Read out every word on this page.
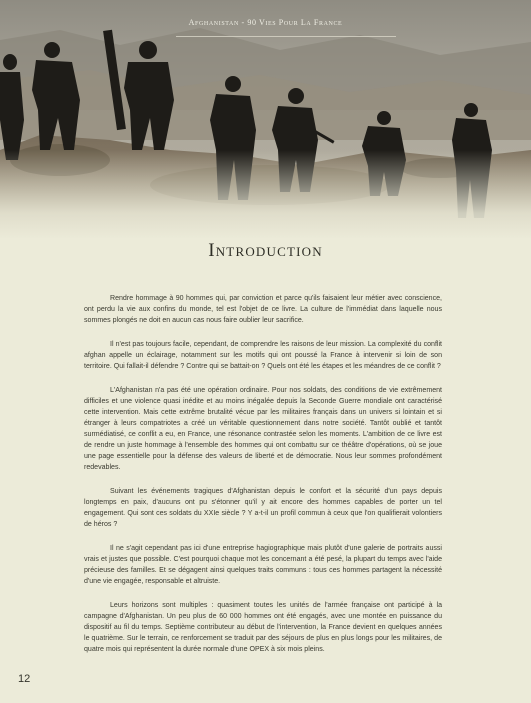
Afghanistan - 90 Vies Pour La France
Introduction

Rendre hommage à 90 hommes qui, par conviction et parce qu'ils faisaient leur métier avec conscience, ont perdu la vie aux confins du monde, tel est l'objet de ce livre. La culture de l'immédiat dans laquelle nous sommes plongés ne doit en aucun cas nous faire oublier leur sacrifice.

Il n'est pas toujours facile, cependant, de comprendre les raisons de leur mission. La complexité du conflit afghan appelle un éclairage, notamment sur les motifs qui ont poussé la France à intervenir si loin de son territoire. Qui fallait-il défendre ? Contre qui se battait-on ? Quels ont été les étapes et les méandres de ce conflit ?

L'Afghanistan n'a pas été une opération ordinaire. Pour nos soldats, des conditions de vie extrêmement difficiles et une violence quasi inédite et au moins inégalée depuis la Seconde Guerre mondiale ont caractérisé cette intervention. Mais cette extrême brutalité vécue par les militaires français dans un univers si lointain et si étranger à leurs compatriotes a créé un véritable questionnement dans notre société. Tantôt oublié et tantôt surmédiatisé, ce conflit a eu, en France, une résonance contrastée selon les moments. L'ambition de ce livre est de rendre un juste hommage à l'ensemble des hommes qui ont combattu sur ce théâtre d'opérations, où se joue une page essentielle pour la défense des valeurs de liberté et de démocratie. Nous leur sommes profondément redevables.

Suivant les événements tragiques d'Afghanistan depuis le confort et la sécurité d'un pays depuis longtemps en paix, d'aucuns ont pu s'étonner qu'il y ait encore des hommes capables de porter un tel engagement. Qui sont ces soldats du XXIe siècle ? Y a-t-il un profil commun à ceux que l'on qualifierait volontiers de héros ?

Il ne s'agit cependant pas ici d'une entreprise hagiographique mais plutôt d'une galerie de portraits aussi vrais et justes que possible. C'est pourquoi chaque mot les concernant a été pesé, la plupart du temps avec l'aide précieuse des familles. Et se dégagent ainsi quelques traits communs : tous ces hommes partagent la nécessité d'une vie engagée, responsable et altruiste.

Leurs horizons sont multiples : quasiment toutes les unités de l'armée française ont participé à la campagne d'Afghanistan. Un peu plus de 60 000 hommes ont été engagés, avec une montée en puissance du dispositif au fil du temps. Septième contributeur au début de l'intervention, la France devient en quelques années le quatrième. Sur le terrain, ce renforcement se traduit par des séjours de plus en plus longs pour les militaires, de quatre mois qui représentent la durée normale d'une OPEX à six mois pleins.

12
